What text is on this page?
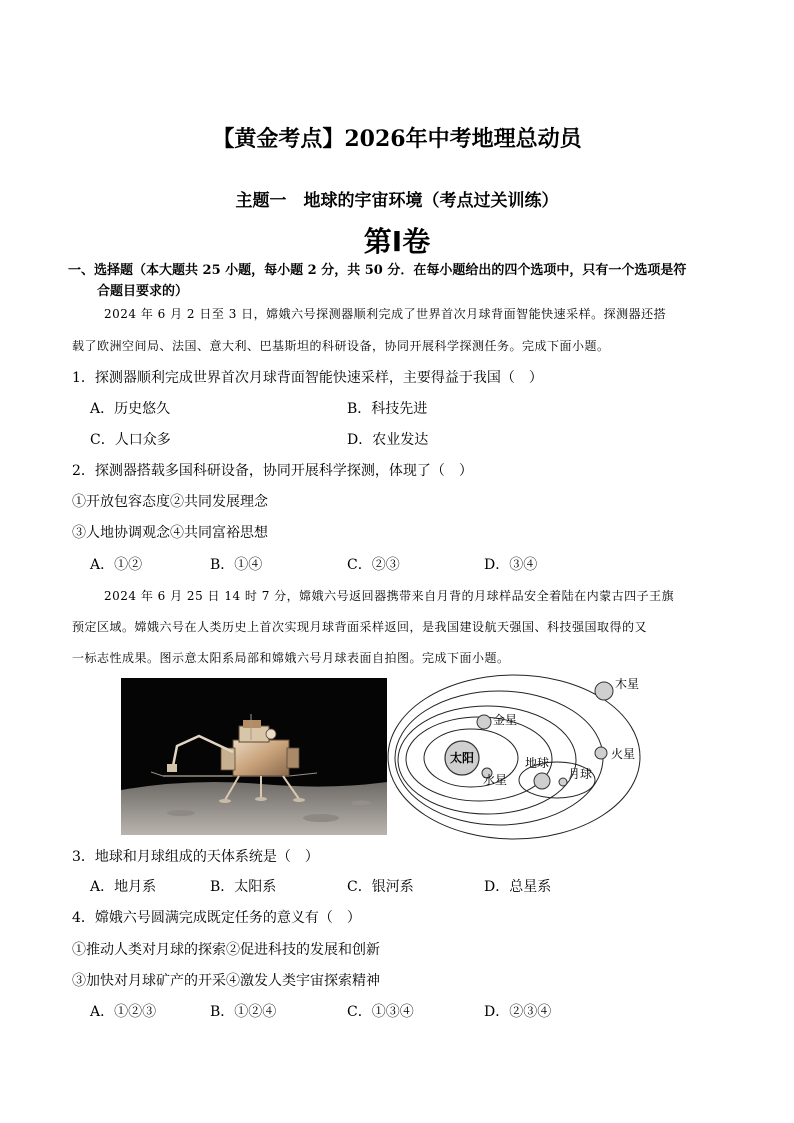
【黄金考点】2026年中考地理总动员
主题一　地球的宇宙环境（考点过关训练）
第Ⅰ卷
一、选择题（本大题共 25 小题，每小题 2 分，共 50 分．在每小题给出的四个选项中，只有一个选项是符
合题目要求的）
2024 年 6 月 2 日至 3 日，嫦娥六号探测器顺利完成了世界首次月球背面智能快速采样。探测器还搭
载了欧洲空间局、法国、意大利、巴基斯坦的科研设备，协同开展科学探测任务。完成下面小题。
1．探测器顺利完成世界首次月球背面智能快速采样，主要得益于我国（　）
A．历史悠久	B．科技先进
C．人口众多	D．农业发达
2．探测器搭载多国科研设备，协同开展科学探测，体现了（　）
①开放包容态度②共同发展理念
③人地协调观念④共同富裕思想
A．①②	B．①④	C．②③	D．③④
2024 年 6 月 25 日 14 时 7 分，嫦娥六号返回器携带来自月背的月球样品安全着陆在内蒙古四子王旗
预定区域。嫦娥六号在人类历史上首次实现月球背面采样返回，是我国建设航天强国、科技强国取得的又
一标志性成果。图示意太阳系局部和嫦娥六号月球表面自拍图。完成下面小题。
太阳
水星
金星
地球
月球
火星
木星
3．地球和月球组成的天体系统是（　）
A．地月系	B．太阳系	C．银河系	D．总星系
4．嫦娥六号圆满完成既定任务的意义有（　）
①推动人类对月球的探索②促进科技的发展和创新
③加快对月球矿产的开采④激发人类宇宙探索精神
A．①②③	B．①②④	C．①③④	D．②③④
